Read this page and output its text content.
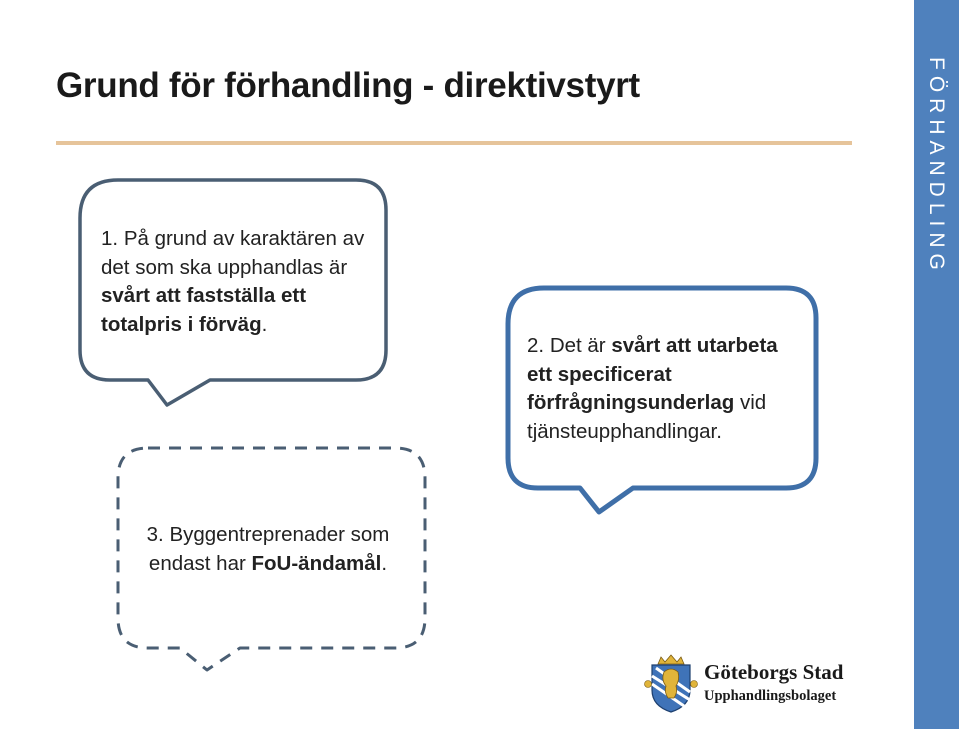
Grund för förhandling - direktivstyrt	FÖRHANDLING
1. På grund av karaktären av det som ska upphandlas är svårt att fastställa ett totalpris i förväg.
2. Det är svårt att utarbeta ett specificerat förfrågningsunderlag vid tjänsteupphandlingar.
3. Byggentreprenader som endast har FoU-ändamål.
Göteborgs Stad
Upphandlingsbolaget
